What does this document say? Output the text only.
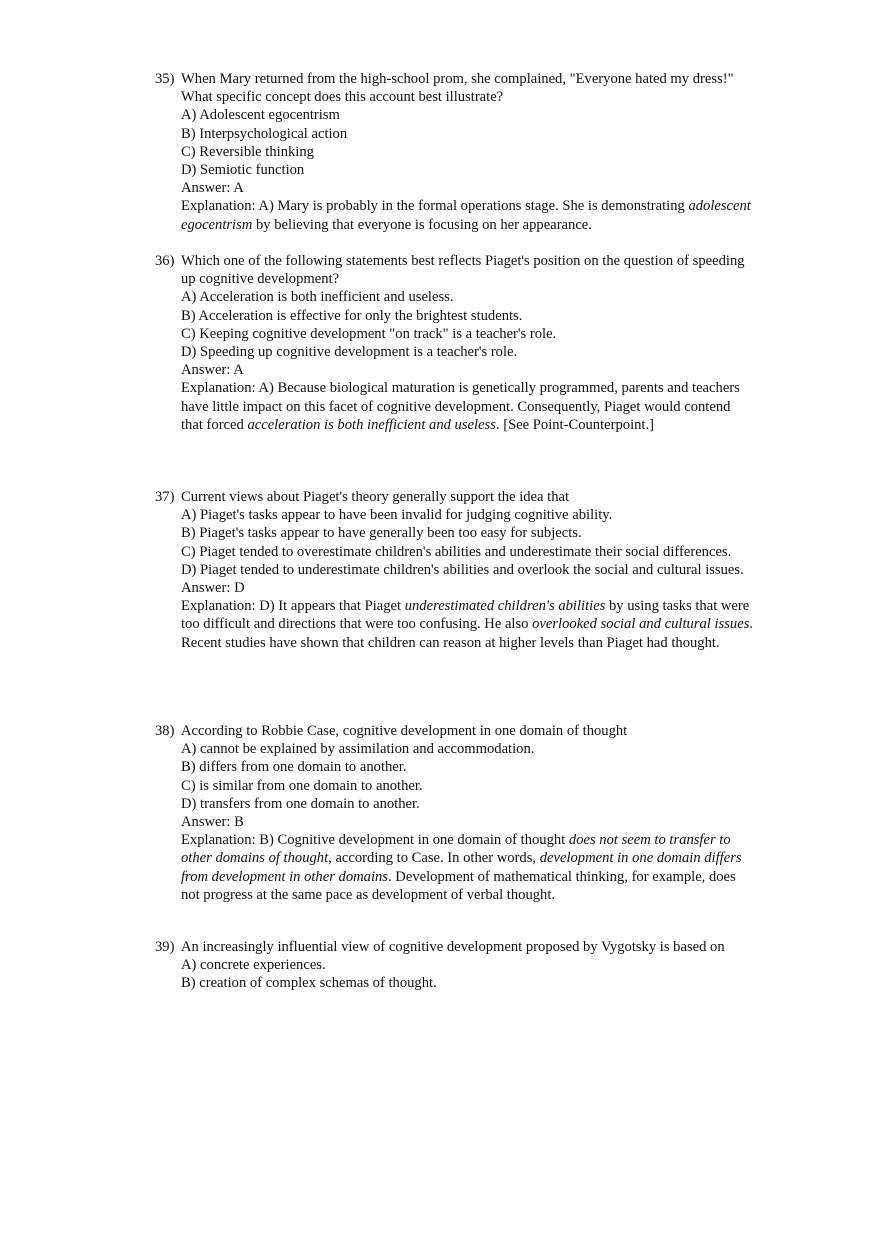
35) When Mary returned from the high-school prom, she complained, "Everyone hated my dress!" What specific concept does this account best illustrate?

A) Adolescent egocentrism

B) Interpsychological action

C) Reversible thinking

D) Semiotic function

Answer: A

Explanation: A) Mary is probably in the formal operations stage. She is demonstrating adolescent egocentrism by believing that everyone is focusing on her appearance.

36) Which one of the following statements best reflects Piaget's position on the question of speeding up cognitive development?

A) Acceleration is both inefficient and useless.

B) Acceleration is effective for only the brightest students.

C) Keeping cognitive development "on track" is a teacher's role.

D) Speeding up cognitive development is a teacher's role.

Answer: A

Explanation: A) Because biological maturation is genetically programmed, parents and teachers have little impact on this facet of cognitive development. Consequently, Piaget would contend that forced acceleration is both inefficient and useless. [See Point-Counterpoint.]

37) Current views about Piaget's theory generally support the idea that

A) Piaget's tasks appear to have been invalid for judging cognitive ability.

B) Piaget's tasks appear to have generally been too easy for subjects.

C) Piaget tended to overestimate children's abilities and underestimate their social differences.

D) Piaget tended to underestimate children's abilities and overlook the social and cultural issues.

Answer: D

Explanation: D) It appears that Piaget underestimated children's abilities by using tasks that were too difficult and directions that were too confusing. He also overlooked social and cultural issues. Recent studies have shown that children can reason at higher levels than Piaget had thought.

38) According to Robbie Case, cognitive development in one domain of thought

A) cannot be explained by assimilation and accommodation.

B) differs from one domain to another.

C) is similar from one domain to another.

D) transfers from one domain to another.

Answer: B

Explanation: B) Cognitive development in one domain of thought does not seem to transfer to other domains of thought, according to Case. In other words, development in one domain differs from development in other domains. Development of mathematical thinking, for example, does not progress at the same pace as development of verbal thought.

39) An increasingly influential view of cognitive development proposed by Vygotsky is based on

A) concrete experiences.

B) creation of complex schemas of thought.
